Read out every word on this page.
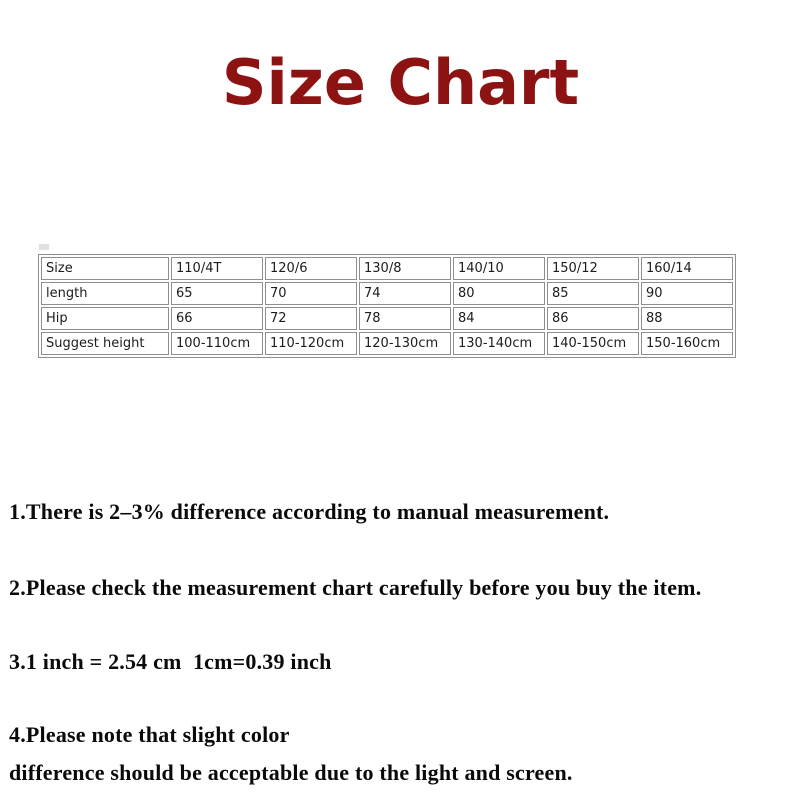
Size Chart
Size	110/4T	120/6	130/8	140/10	150/12	160/14
length	65	70	74	80	85	90
Hip	66	72	78	84	86	88
Suggest height	100-110cm	110-120cm	120-130cm	130-140cm	140-150cm	150-160cm
1.There is 2–3% difference according to manual measurement.
2.Please check the measurement chart carefully before you buy the item.
3.1 inch = 2.54 cm  1cm=0.39 inch
4.Please note that slight color
difference should be acceptable due to the light and screen.
